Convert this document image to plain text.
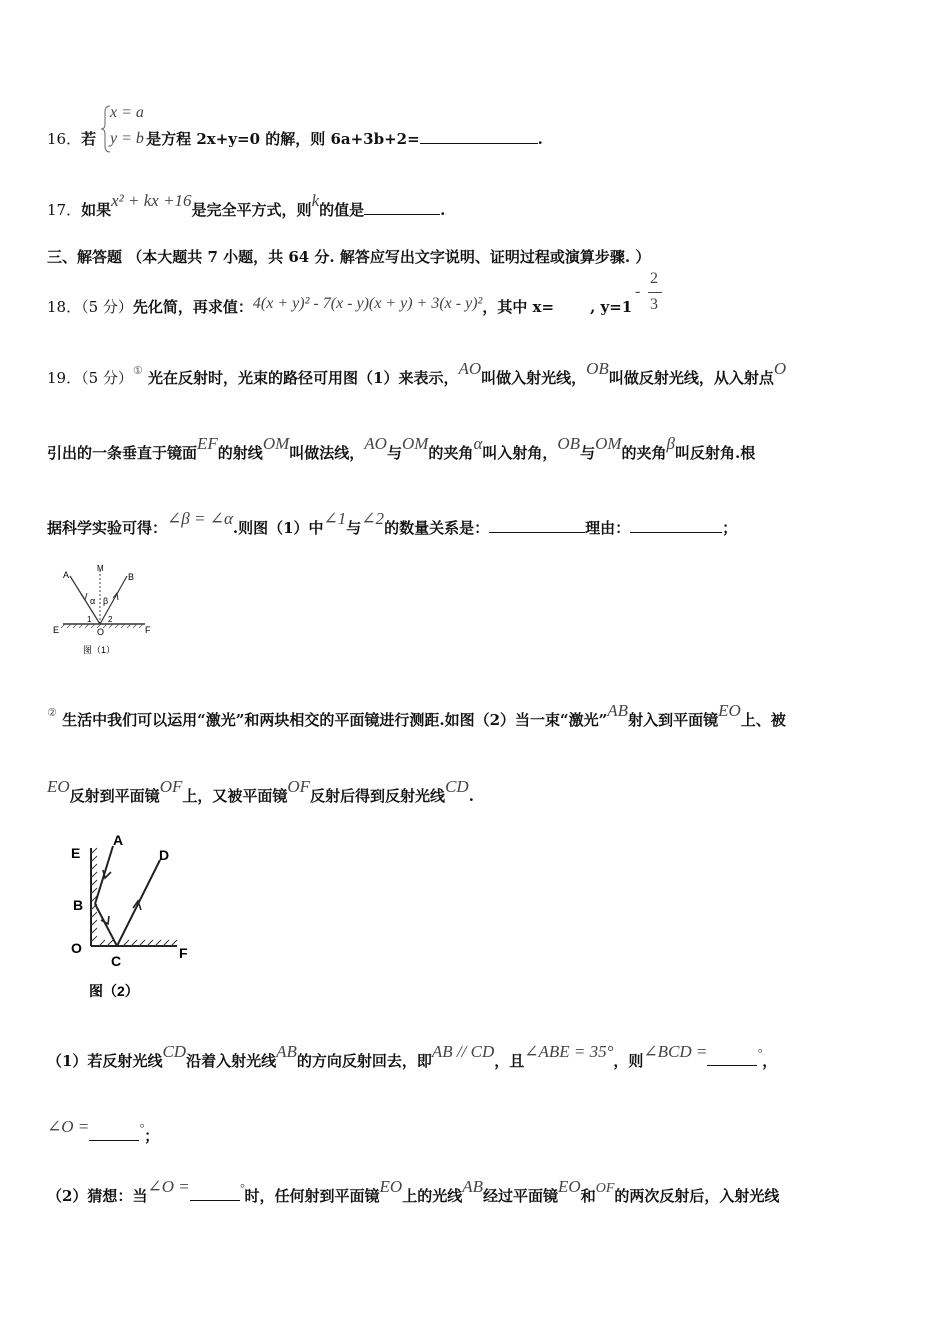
16．若	是方程 2x+y=0 的解，则 6a+3b+2=	.
x = a
y = b
17．如果x² + kx +16是完全平方式，则k的值是	.
三、解答题 （本大题共 7 小题，共 64 分. 解答应写出文字说明、证明过程或演算步骤. ）
18．（5 分）先化简，再求值：4(x + y)² - 7(x - y)(x + y) + 3(x - y)²，其中 x= , y=1
-
2
3
19．（5 分）① 光在反射时，光束的路径可用图（1）来表示，AO叫做入射光线，OB叫做反射光线，从入射点O
引出的一条垂直于镜面EF的射线OM叫做法线，AO与OM的夹角α叫入射角，OB与OM的夹角β叫反射角.根
据科学实验可得：∠β = ∠α.则图（1）中∠1与∠2的数量关系是：	理由：	；
A
M
B
α β
1 2
E	O	F
图（1）
② 生活中我们可以运用“激光”和两块相交的平面镜进行测距.如图（2）当一束“激光”AB射入到平面镜EO上、被
EO反射到平面镜OF上，又被平面镜OF反射后得到反射光线CD.
A
D
E
B
O
C	F
图（2）
（1）若反射光线CD沿着入射光线AB的方向反射回去，即AB // CD，且∠ABE = 35°，则∠BCD =	°，
∠O =	°；
（2）猜想：当∠O =	°时，任何射到平面镜EO上的光线AB经过平面镜EO和OF的两次反射后，入射光线
